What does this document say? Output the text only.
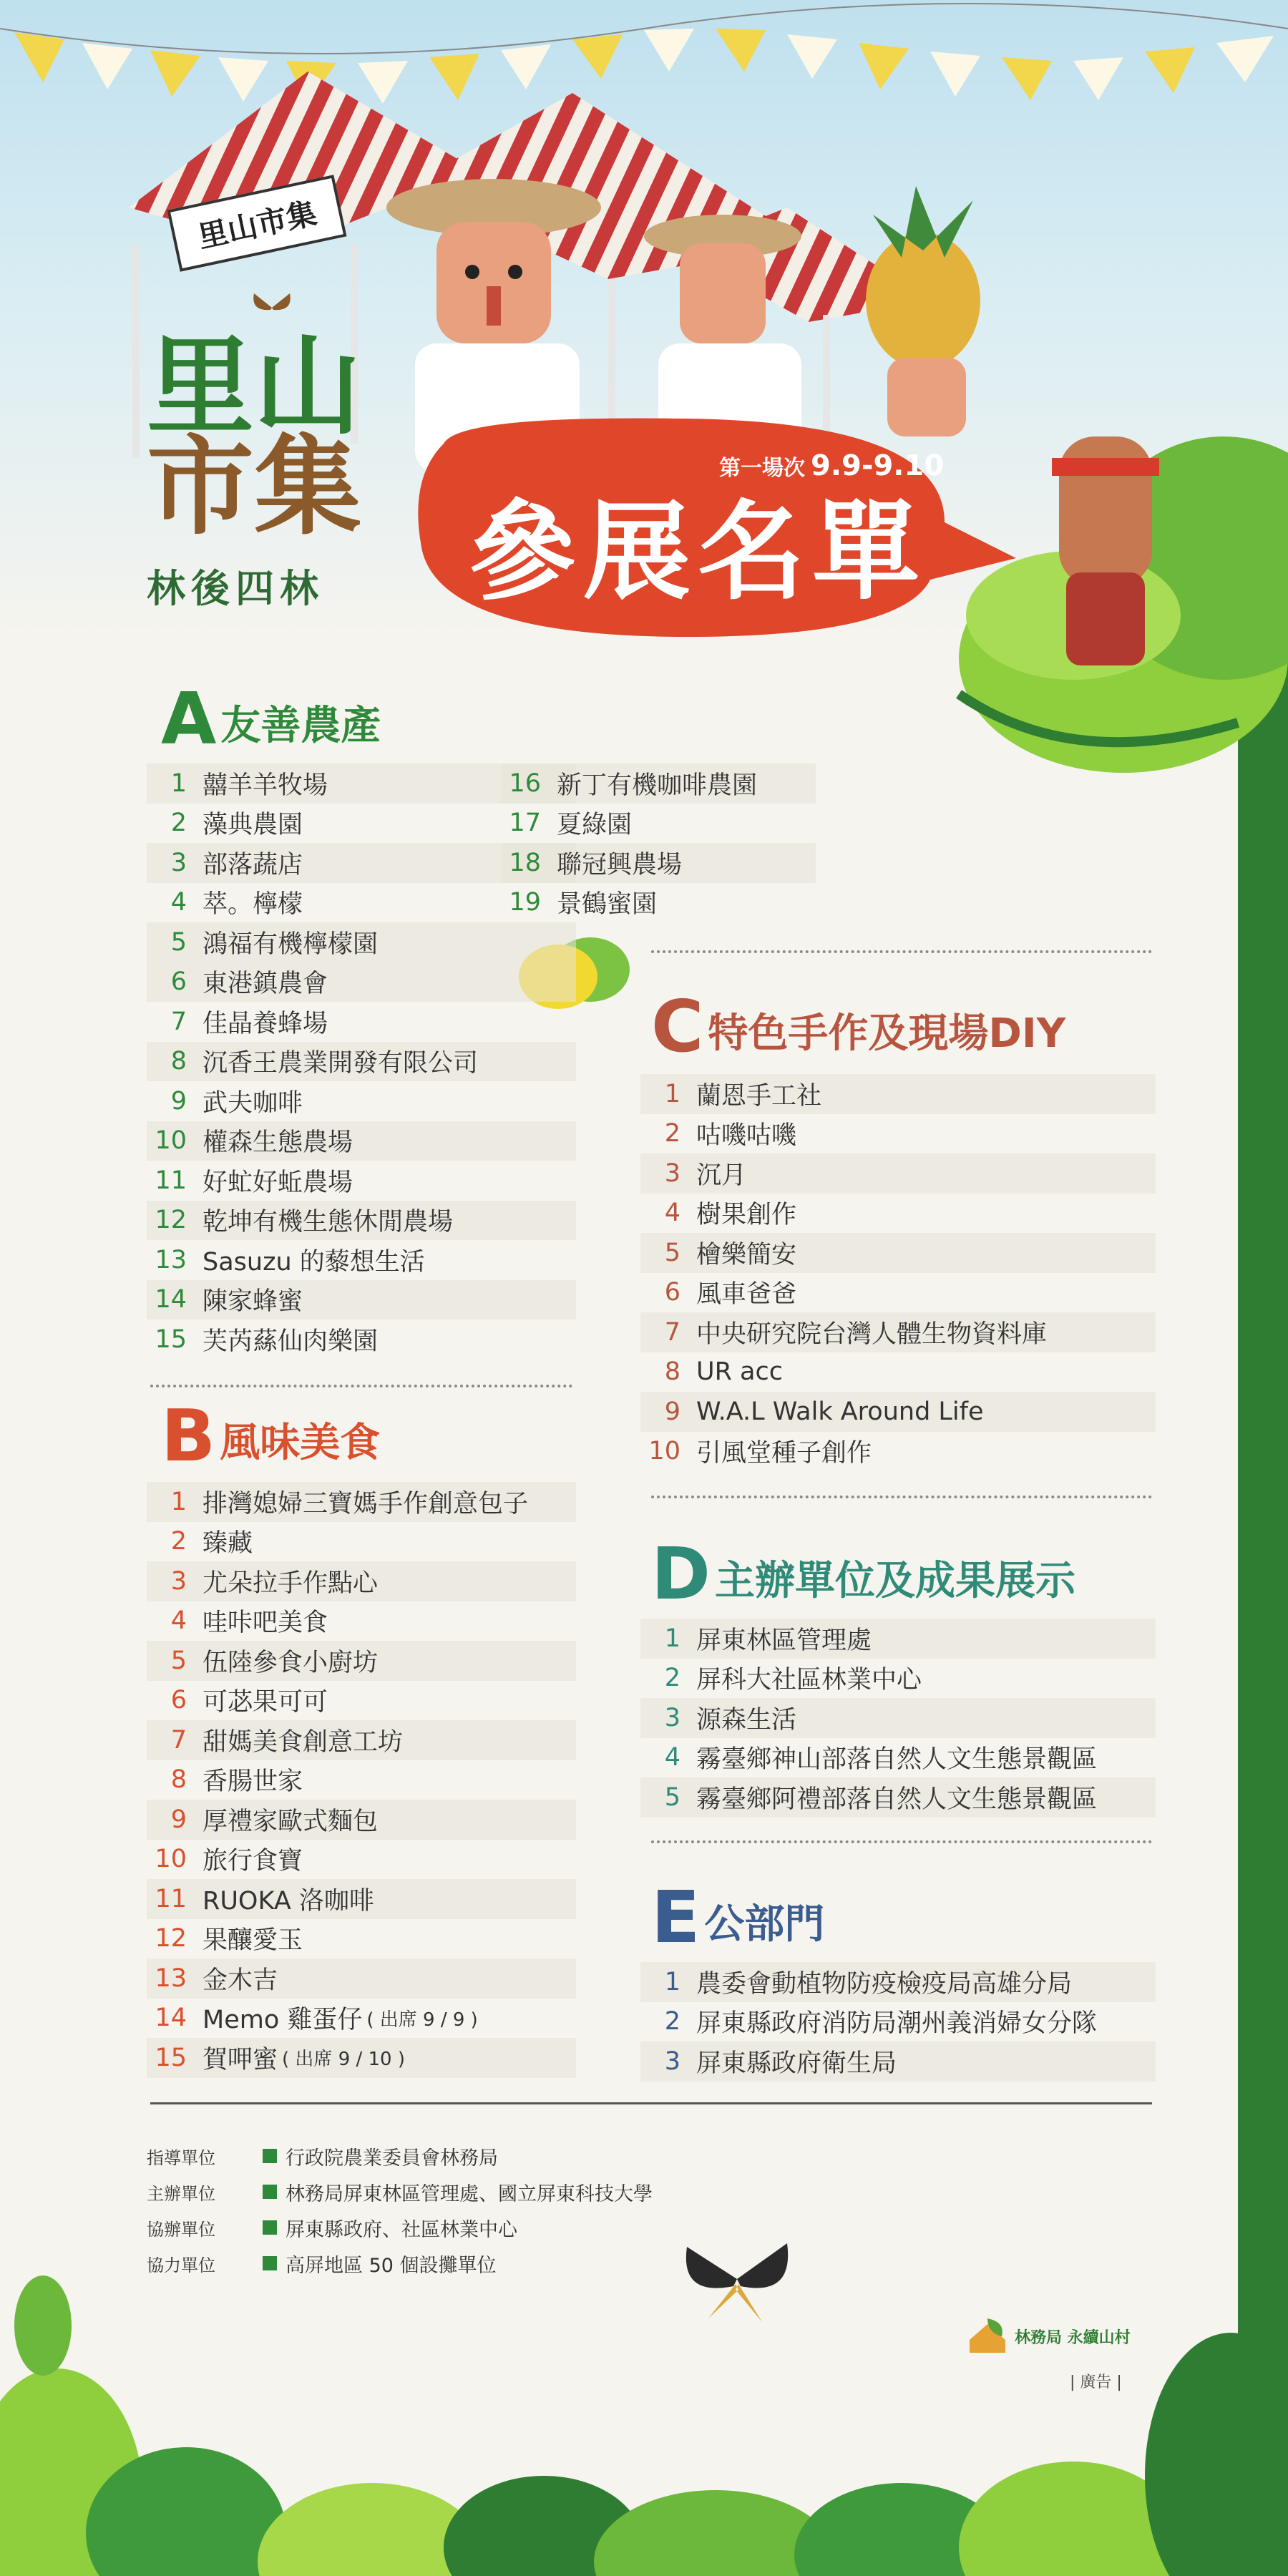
里山市集
里山
市集
林後四林
第一場次 9.9-9.10
參展名單
A 友善農產
1 囍羊羊牧場
2 藻典農園
3 部落蔬店
4 萃。檸檬
5 鴻福有機檸檬園
6 東港鎮農會
7 佳晶養蜂場
8 沉香王農業開發有限公司
9 武夫咖啡
10 權森生態農場
11 好虻好蚯農場
12 乾坤有機生態休閒農場
13 Sasuzu 的藜想生活
14 陳家蜂蜜
15 芙芮蕬仙肉樂園
16 新丁有機咖啡農園
17 夏綠園
18 聯冠興農場
19 景鶴蜜園
B 風味美食
1 排灣媳婦三寶媽手作創意包子
2 臻藏
3 尤朵拉手作點心
4 哇咔吧美食
5 伍陸參食小廚坊
6 可苾果可可
7 甜媽美食創意工坊
8 香腸世家
9 厚禮家歐式麵包
10 旅行食寶
11 RUOKA 洛咖啡
12 果釀愛玉
13 金木吉
14 Memo 雞蛋仔 ( 出席 9 / 9 )
15 賀呷蜜 ( 出席 9 / 10 )
C 特色手作及現場DIY
1 蘭恩手工社
2 咕嘰咕嘰
3 沉月
4 樹果創作
5 檜樂簡安
6 風車爸爸
7 中央研究院台灣人體生物資料庫
8 UR acc
9 W.A.L Walk Around Life
10 引風堂種子創作
D 主辦單位及成果展示
1 屏東林區管理處
2 屏科大社區林業中心
3 源森生活
4 霧臺鄉神山部落自然人文生態景觀區
5 霧臺鄉阿禮部落自然人文生態景觀區
E 公部門
1 農委會動植物防疫檢疫局高雄分局
2 屏東縣政府消防局潮州義消婦女分隊
3 屏東縣政府衛生局
指導單位	行政院農業委員會林務局
主辦單位	林務局屏東林區管理處、國立屏東科技大學
協辦單位	屏東縣政府、社區林業中心
協力單位	高屏地區 50 個設攤單位
林務局 永續山村
| 廣告 |
